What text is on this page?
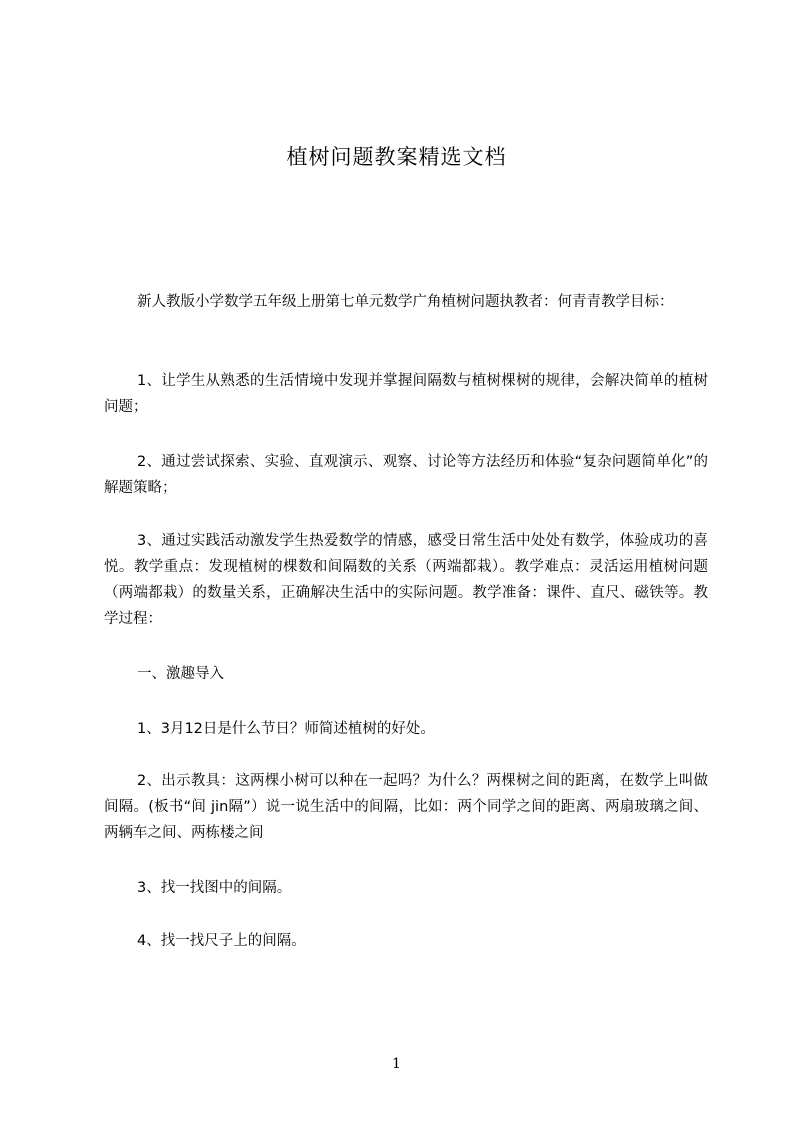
植树问题教案精选文档

新人教版小学数学五年级上册第七单元数学广角植树问题执教者：何青青教学目标：

1、让学生从熟悉的生活情境中发现并掌握间隔数与植树棵树的规律，会解决简单的植树问题；

2、通过尝试探索、实验、直观演示、观察、讨论等方法经历和体验“复杂问题简单化”的解题策略；

3、通过实践活动激发学生热爱数学的情感，感受日常生活中处处有数学，体验成功的喜悦。教学重点：发现植树的棵数和间隔数的关系（两端都栽）。教学难点：灵活运用植树问题（两端都栽）的数量关系，正确解决生活中的实际问题。教学准备：课件、直尺、磁铁等。教学过程：

一、激趣导入

1、3月12日是什么节日？师简述植树的好处。

2、出示教具：这两棵小树可以种在一起吗？为什么？两棵树之间的距离，在数学上叫做间隔。(板书“间 jin隔”）说一说生活中的间隔，比如：两个同学之间的距离、两扇玻璃之间、两辆车之间、两栋楼之间

3、找一找图中的间隔。

4、找一找尺子上的间隔。

1
